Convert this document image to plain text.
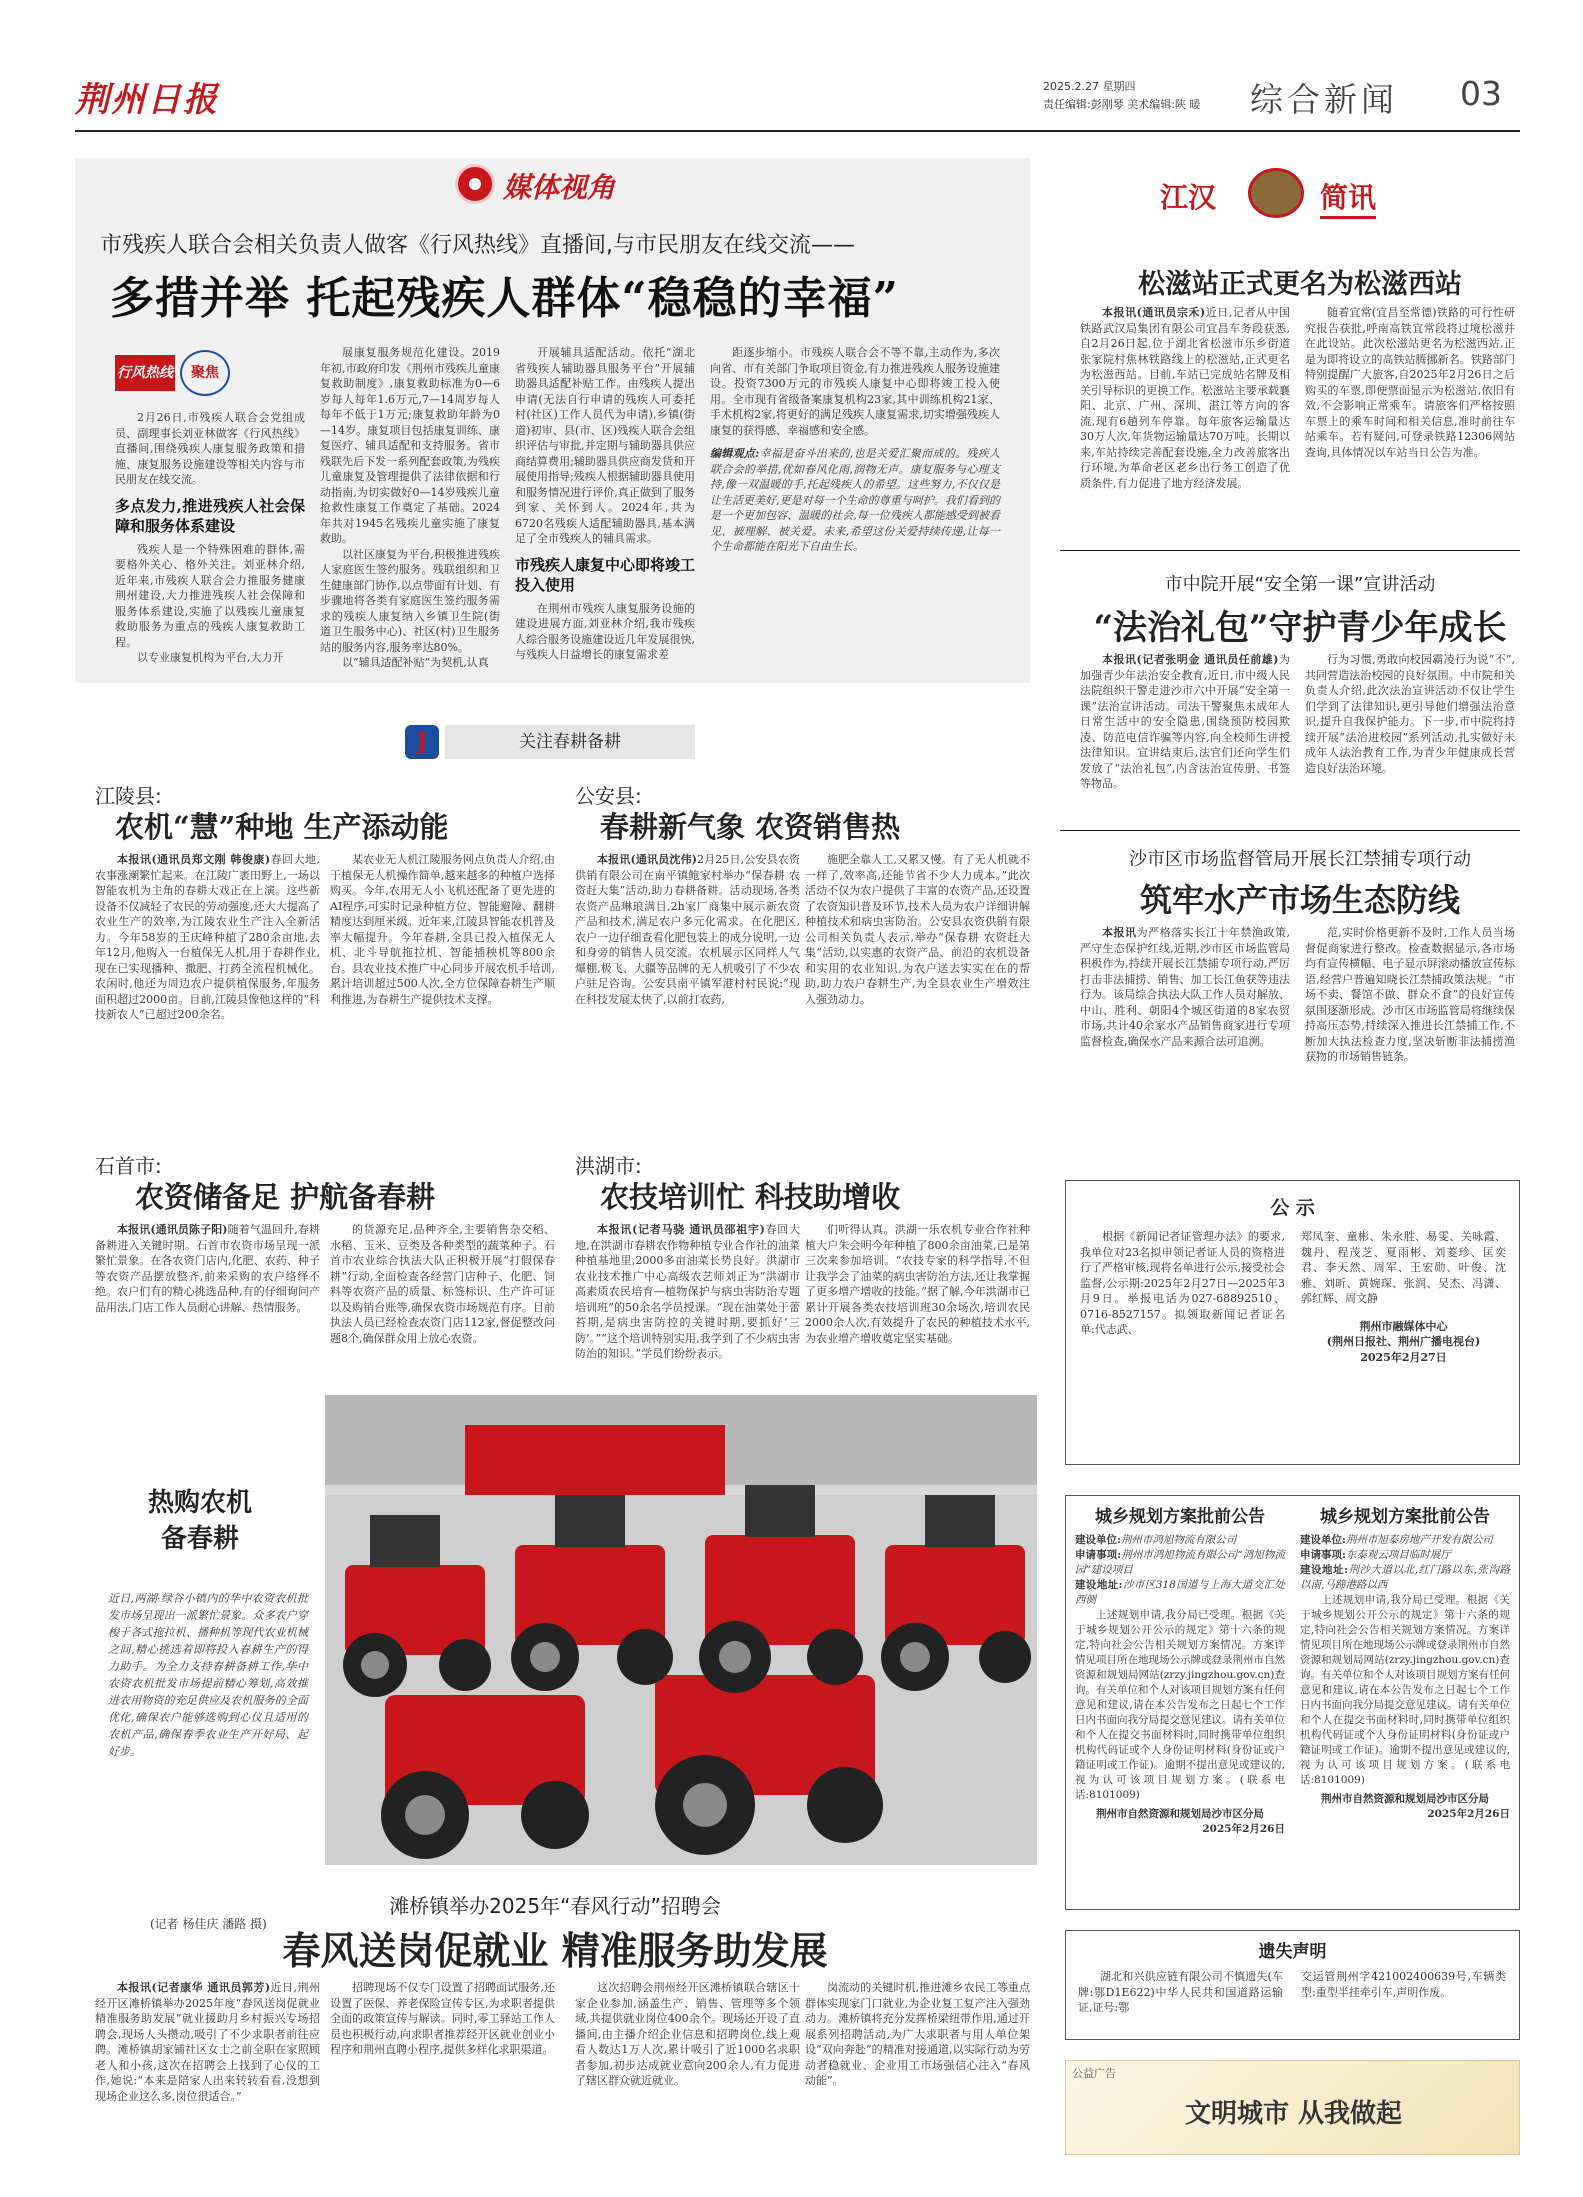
荆州日报	2025.2.27 星期四
责任编辑:彭刚琴 美术编辑:陕 暖 综合新闻 03
媒体视角
市残疾人联合会相关负责人做客《行风热线》直播间,与市民朋友在线交流——
多措并举 托起残疾人群体“稳稳的幸福”
行风热线	聚焦

2月26日,市残疾人联合会党组成员、副理事长刘亚林做客《行风热线》直播间,围绕残疾人康复服务政策和措施、康复服务设施建设等相关内容与市民朋友在线交流。

多点发力,推进残疾人社会保障和服务体系建设

残疾人是一个特殊困难的群体,需要格外关心、格外关注。刘亚林介绍,近年来,市残疾人联合会力推服务健康荆州建设,大力推进残疾人社会保障和服务体系建设,实施了以残疾儿童康复救助服务为重点的残疾人康复救助工程。

以专业康复机构为平台,大力开

展康复服务规范化建设。2019年初,市政府印发《荆州市残疾儿童康复救助制度》,康复救助标准为0—6岁每人每年1.6万元,7—14周岁每人每年不低于1万元;康复救助年龄为0—14岁。康复项目包括康复训练、康复医疗、辅具适配和支持服务。省市残联先后下发一系列配套政策,为残疾儿童康复及管理提供了法律依据和行动指南,为切实做好0—14岁残疾儿童抢救性康复工作奠定了基础。2024年共对1945名残疾儿童实施了康复救助。

以社区康复为平台,积极推进残疾人家庭医生签约服务。残联组织和卫生健康部门协作,以点带面有计划、有步骤地将各类有家庭医生签约服务需求的残疾人康复纳入乡镇卫生院(街道卫生服务中心)、社区(村)卫生服务站的服务内容,服务率达80%。

以“辅具适配补贴”为契机,认真

开展辅具适配活动。依托“湖北省残疾人辅助器具服务平台”开展辅助器具适配补贴工作。由残疾人提出申请(无法自行申请的残疾人可委托村(社区)工作人员代为申请),乡镇(街道)初审、县(市、区)残疾人联合会组织评估与审批,并定期与辅助器具供应商结算费用;辅助器具供应商发货和开展使用指导;残疾人根据辅助器具使用和服务情况进行评价,真正做到了服务到家、关怀到人。2024年,共为6720名残疾人适配辅助器具,基本满足了全市残疾人的辅具需求。

市残疾人康复中心即将竣工投入使用

在荆州市残疾人康复服务设施的建设进展方面,刘亚林介绍,我市残疾人综合服务设施建设近几年发展很快,与残疾人日益增长的康复需求差

距逐步缩小。市残疾人联合会不等不靠,主动作为,多次向省、市有关部门争取项目资金,有力推进残疾人服务设施建设。投资7300万元的市残疾人康复中心即将竣工投入使用。全市现有省级备案康复机构23家,其中训练机构21家、手术机构2家,将更好的满足残疾人康复需求,切实增强残疾人康复的获得感、幸福感和安全感。

编辑观点:幸福是奋斗出来的,也是关爱汇聚而成的。残疾人联合会的举措,优如春风化雨,润物无声。康复服务与心理支持,像一双温暖的手,托起残疾人的希望。这些努力,不仅仅是让生活更美好,更是对每一个生命的尊重与呵护。我们看到的是一个更加包容、温暖的社会,每一位残疾人都能感受到被看见、被理解、被关爱。未来,希望这份关爱持续传递,让每一个生命都能在阳光下自由生长。
江汉	简讯
松滋站正式更名为松滋西站

本报讯(通讯员宗禾)近日,记者从中国铁路武汉局集团有限公司宜昌车务段获悉,自2月26日起,位于湖北省松滋市乐乡街道张家院村焦林铁路线上的松滋站,正式更名为松滋西站。目前,车站已完成站名牌及相关引导标识的更换工作。松滋站主要承载襄阳、北京、广州、深圳、湛江等方向的客流,现有6趟列车停靠。每年旅客运输量达30万人次,年货物运输量达70万吨。长期以来,车站持续完善配套设施,全力改善旅客出行环境,为革命老区老乡出行务工创造了优质条件,有力促进了地方经济发展。

随着宜常(宜昌至常德)铁路的可行性研究报告获批,呼南高铁宜常段将过境松滋并在此设站。此次松滋站更名为松滋西站,正是为即将设立的高铁站腾挪新名。铁路部门特别提醒广大旅客,自2025年2月26日之后购买的车票,即便票面显示为松滋站,依旧有效,不会影响正常乘车。请旅客们严格按照车票上的乘车时间和相关信息,准时前往车站乘车。若有疑问,可登录铁路12306网站查询,具体情况以车站当日公告为准。

市中院开展“安全第一课”宣讲活动
“法治礼包”守护青少年成长

本报讯(记者张明金 通讯员任前雄)为加强青少年法治安全教育,近日,市中级人民法院组织干警走进沙市六中开展“安全第一课”法治宣讲活动。司法干警聚焦未成年人日常生活中的安全隐患,围绕预防校园欺凌、防范电信诈骗等内容,向全校师生讲授法律知识。宣讲结束后,法官们还向学生们发放了“法治礼包”,内含法治宣传册、书签等物品。

行为习惯,勇敢向校园霸凌行为说“不”,共同营造法治校园的良好氛围。中市院和关负责人介绍,此次法治宣讲活动不仅让学生们学到了法律知识,更引导他们增强法治意识,提升自我保护能力。下一步,市中院将持续开展“法治进校园”系列活动,扎实做好未成年人法治教育工作,为青少年健康成长营造良好法治环境。

沙市区市场监督管局开展长江禁捕专项行动
筑牢水产市场生态防线

本报讯为严格落实长江十年禁渔政策,严守生态保护红线,近期,沙市区市场监管局积极作为,持续开展长江禁捕专项行动,严厉打击非法捕捞、销售、加工长江鱼获等违法行为。该局综合执法大队工作人员对解放、中山、胜利、朝阳4个城区街道的8家农贸市场,共计40余家水产品销售商家进行专项监督检查,确保水产品来源合法可追溯。

范,实时价格更新不及时,工作人员当场督促商家进行整改。检查数据显示,各市场均有宣传横幅、电子显示屏滚动播放宣传标语,经营户普遍知晓长江禁捕政策法规。“市场不卖、餐馆不做、群众不食”的良好宣传氛围逐渐形成。沙市区市场监管局将继续保持高压态势,持续深入推进长江禁捕工作,不断加大执法检查力度,坚决斩断非法捕捞渔获物的市场销售链条。

J	关注春耕备耕
江陵县:
农机“慧”种地 生产添动能

本报讯(通讯员郑文刚 韩俊康)春回大地,农事涨潮繁忙起来。在江陵广袤田野上,一场以智能农机为主角的春耕大戏正在上演。这些新设备不仅减轻了农民的劳动强度,还大大提高了农业生产的效率,为江陵农业生产注入全新活力。今年58岁的王庆峰种植了280余亩地,去年12月,他购入一台植保无人机,用于春耕作业,现在已实现播种、撒肥、打药全流程机械化。农闲时,他还为周边农户提供植保服务,年服务面积超过2000亩。目前,江陵县像他这样的“科技新农人”已超过200余名。

某农业无人机江陵服务网点负责人介绍,由于植保无人机操作简单,越来越多的种植户选择购买。今年,农用无人小飞机还配备了更先进的AI程序,可实时记录种植方位、智能避障、翻耕精度达到厘米级。近年来,江陵县智能农机普及率大幅提升。今年春耕,全县已投入植保无人机、北斗导航拖拉机、智能插秧机等800余台。县农业技术推广中心同步开展农机手培训,累计培训超过500人次,全方位保障春耕生产顺利推进,为春耕生产提供技术支撑。

公安县:
春耕新气象 农资销售热

本报讯(通讯员沈伟)2月25日,公安县农资供销有限公司在南平镇鲍家村举办“保春耕 农资赶大集”活动,助力春耕备耕。活动现场,各类农资产品琳琅满目,2h家厂商集中展示新农资产品和技术,满足农户多元化需求。在化肥区,农户一边仔细查看化肥包装上的成分说明,一边和身旁的销售人员交流。农机展示区同样人气爆棚,极飞、大疆等品牌的无人机吸引了不少农户驻足咨询。公安县南平镇军港村村民说:“现在科技发展太快了,以前打农药,

施肥全靠人工,又累又慢。有了无人机就不一样了,效率高,还能节省不少人力成本。”此次活动不仅为农户提供了丰富的农资产品,还设置了农资知识普及环节,技术人员为农户详细讲解种植技术和病虫害防治。公安县农资供销有限公司相关负责人表示,举办“保春耕 农资赶大集”活动,以实惠的农资产品、前沿的农机设备和实用的农业知识,为农户送去实实在在的帮助,助力农户春耕生产,为全县农业生产增效注入强劲动力。

石首市:
农资储备足 护航备春耕

本报讯(通讯员陈子阳)随着气温回升,春耕备耕进入关键时期。石首市农资市场呈现一派繁忙景象。在各农资门店内,化肥、农药、种子等农资产品摆放整齐,前来采购的农户络绎不绝。农户们有的精心挑选品种,有的仔细询问产品用法,门店工作人员耐心讲解、热情服务。

的货源充足,品种齐全,主要销售杂交稻、水稻、玉米、豆类及各种类型的蔬菜种子。石首市农业综合执法大队正积极开展“打假保春耕”行动,全面检查各经营门店种子、化肥、饲料等农资产品的质量、标签标识、生产许可证以及购销台账等,确保农资市场规范有序。目前执法人员已经检查农资门店112家,督促整改问题8个,确保群众用上放心农资。

洪湖市:
农技培训忙 科技助增收

本报讯(记者马骁 通讯员邵祖宇)春回大地,在洪湖市春耕农作物种植专业合作社的油菜种植基地里,2000多亩油菜长势良好。洪湖市农业技术推广中心高级农艺师刘正为“洪湖市高素质农民培育—植物保护与病虫害防治专题培训班”的50余名学员授课。“现在油菜处于蕾苔期,是病虫害防控的关键时期,要抓好‘三防’。”“这个培训特别实用,我学到了不少病虫害防治的知识。”学员们纷纷表示。

们听得认真。洪湖一乐农机专业合作社种植大户朱会明今年种植了800余亩油菜,已是第三次来参加培训。“农技专家的科学指导,不但让我学会了油菜的病虫害防治方法,还让我掌握了更多增产增收的技能。”据了解,今年洪湖市已累计开展各类农技培训班30余场次,培训农民2000余人次,有效提升了农民的种植技术水平,为农业增产增收奠定坚实基础。

热购农机备春耕
近日,两湖·绿谷小镇内的华中农资农机批发市场呈现出一派繁忙景象。众多农户穿梭于各式拖拉机、播种机等现代农业机械之间,精心挑选着即将投入春耕生产的得力助手。为全力支持春耕备耕工作,华中农资农机批发市场提前精心筹划,高效推进农用物资的充足供应及农机服务的全面优化,确保农户能够选购到心仪且适用的农机产品,确保春季农业生产开好局、起好步。
(记者 杨佳庆 潘路 摄)
滩桥镇举办2025年“春风行动”招聘会
春风送岗促就业 精准服务助发展

本报讯(记者康华 通讯员郭芳)近日,荆州经开区滩桥镇举办2025年度“春风送岗促就业 精准服务助发展”就业援助月乡村振兴专场招聘会,现场人头攒动,吸引了不少求职者前往应聘。滩桥镇胡家铺社区女士之前全职在家照顾老人和小孩,这次在招聘会上找到了心仪的工作,她说:“本来是陪家人出来转转看看,没想到现场企业这么多,岗位很适合。”

招聘现场不仅专门设置了招聘面试服务,还设置了医保、养老保险宣传专区,为求职者提供全面的政策宣传与解读。同时,零工驿站工作人员也积极行动,向求职者推荐经开区就业创业小程序和荆州直聘小程序,提供多样化求职渠道。

这次招聘会荆州经开区滩桥镇联合辖区十家企业参加,涵盖生产、销售、管理等多个领域,共提供就业岗位400余个。现场还开设了直播间,由主播介绍企业信息和招聘岗位,线上观看人数达1万人次,累计吸引了近1000名求职者参加,初步达成就业意向200余人,有力促进了辖区群众就近就业。

岗流动的关键时机,推进滩乡农民工等重点群体实现家门口就业,为企业复工复产注入强劲动力。滩桥镇将充分发挥桥梁纽带作用,通过开展系列招聘活动,为广大求职者与用人单位架设“双向奔赴”的精准对接通道,以实际行动为劳动者稳就业、企业用工市场强信心注入“春风动能”。

公 示

根据《新闻记者证管理办法》的要求,我单位对23名拟申领记者证人员的资格进行了严格审核,现将名单进行公示,接受社会监督,公示期:2025年2月27日—2025年3月9日。举报电话为027-68892510、0716-8527157。拟领取新闻记者证名单:代志武、

郑凤奎、童彬、朱永胜、易雯、关咏霞、魏丹、程茂芝、夏雨彬、刘菱珍、匡奕君、李天然、周军、王宏勋、叶俊、沈雅、刘昕、黄婉琛、张润、吴杰、冯潇、郭红辉、周文静
荆州市融媒体中心
(荆州日报社、荆州广播电视台)
2025年2月27日
城乡规划方案批前公告
建设单位:荆州市鸿旭物流有限公司
申请事项:荆州市鸿旭物流有限公司“鸿旭物流园”建设项目
建设地址:沙市区318国道与上海大道交汇处西侧

上述规划申请,我分局已受理。根据《关于城乡规划公开公示的规定》第十六条的规定,特向社会公告相关规划方案情况。方案详情见项目所在地现场公示牌或登录荆州市自然资源和规划局网站(zrzy.jingzhou.gov.cn)查询。有关单位和个人对该项目规划方案有任何意见和建议,请在本公告发布之日起七个工作日内书面向我分局提交意见建议。请有关单位和个人在提交书面材料时,同时携带单位组织机构代码证或个人身份证明材料(身份证或户籍证明或工作证)。逾期不提出意见或建议的,视为认可该项目规划方案。(联系电话:8101009)

荆州市自然资源和规划局沙市区分局
2025年2月26日
城乡规划方案批前公告
建设单位:荆州市旭泰房地产开发有限公司
申请事项:东泰观云项目临时展厅
建设地址:荆沙大道以北,红门路以东,张沟路以南,马蹄港路以西

上述规划申请,我分局已受理。根据《关于城乡规划公开公示的规定》第十六条的规定,特向社会公告相关规划方案情况。方案详情见项目所在地现场公示牌或登录荆州市自然资源和规划局网站(zrzy.jingzhou.gov.cn)查询。有关单位和个人对该项目规划方案有任何意见和建议,请在本公告发布之日起七个工作日内书面向我分局提交意见建议。请有关单位和个人在提交书面材料时,同时携带单位组织机构代码证或个人身份证明材料(身份证或户籍证明或工作证)。逾期不提出意见或建议的,视为认可该项目规划方案。(联系电话:8101009)

荆州市自然资源和规划局沙市区分局
2025年2月26日
遗失声明

湖北和兴供应链有限公司不慎遗失(车牌:鄂D1E622)中华人民共和国道路运输证,证号:鄂

交运管荆州字421002400639号,车辆类型:重型半挂牵引车,声明作废。
公益广告
文明城市 从我做起
